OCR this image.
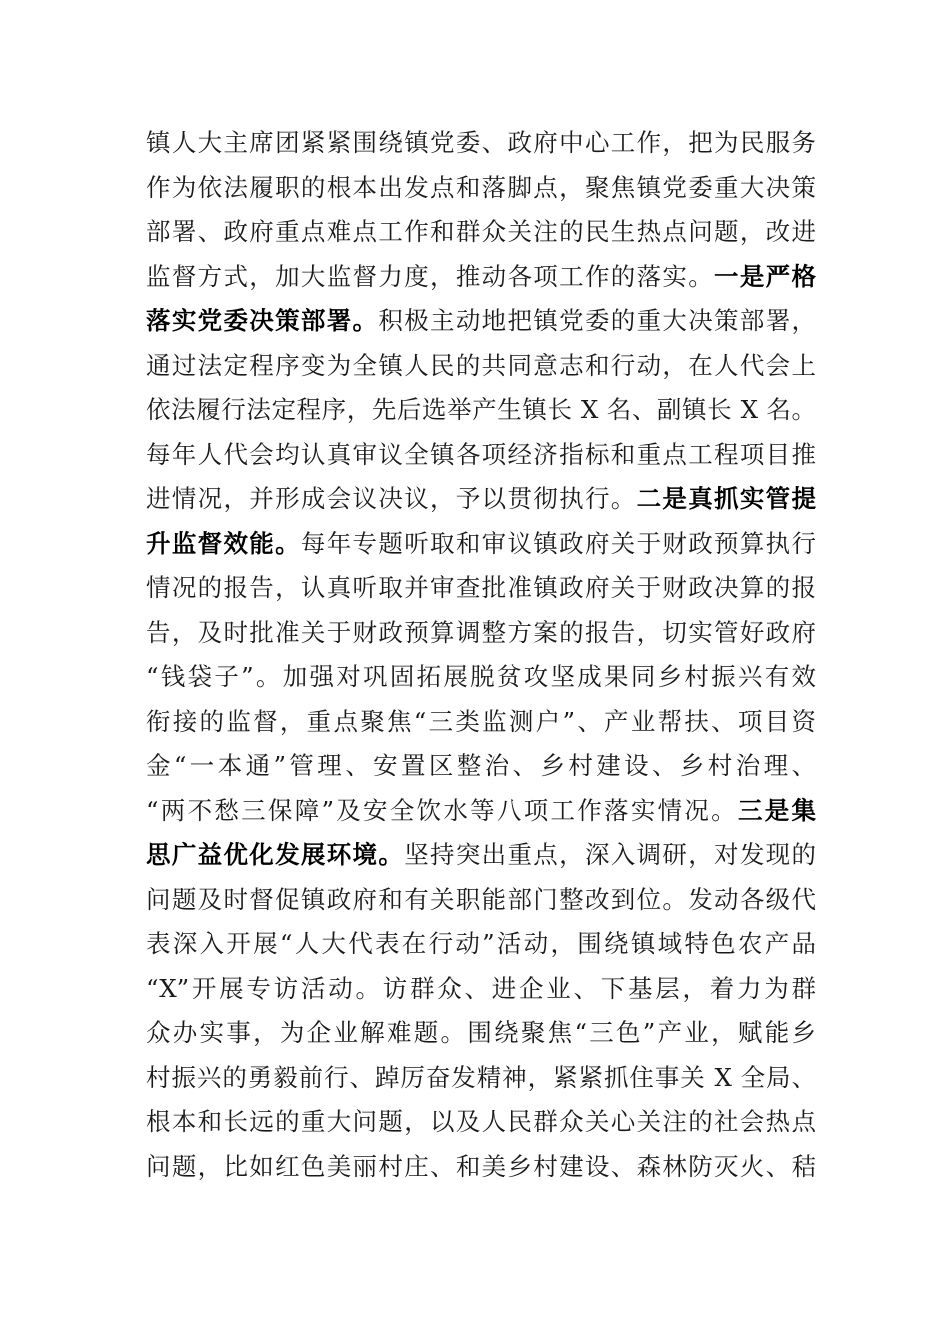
镇人大主席团紧紧围绕镇党委、政府中心工作，把为民服务
作为依法履职的根本出发点和落脚点，聚焦镇党委重大决策
部署、政府重点难点工作和群众关注的民生热点问题，改进
监督方式，加大监督力度，推动各项工作的落实。一是严格
落实党委决策部署。积极主动地把镇党委的重大决策部署，
通过法定程序变为全镇人民的共同意志和行动，在人代会上
依法履行法定程序，先后选举产生镇长 X 名、副镇长 X 名。
每年人代会均认真审议全镇各项经济指标和重点工程项目推
进情况，并形成会议决议，予以贯彻执行。二是真抓实管提
升监督效能。每年专题听取和审议镇政府关于财政预算执行
情况的报告，认真听取并审查批准镇政府关于财政决算的报
告，及时批准关于财政预算调整方案的报告，切实管好政府
“钱袋子”。加强对巩固拓展脱贫攻坚成果同乡村振兴有效
衔接的监督，重点聚焦“三类监测户”、产业帮扶、项目资
金“一本通”管理、安置区整治、乡村建设、乡村治理、
“两不愁三保障”及安全饮水等八项工作落实情况。三是集
思广益优化发展环境。坚持突出重点，深入调研，对发现的
问题及时督促镇政府和有关职能部门整改到位。发动各级代
表深入开展“人大代表在行动”活动，围绕镇域特色农产品
“X”开展专访活动。访群众、进企业、下基层，着力为群
众办实事，为企业解难题。围绕聚焦“三色”产业，赋能乡
村振兴的勇毅前行、踔厉奋发精神，紧紧抓住事关 X 全局、
根本和长远的重大问题，以及人民群众关心关注的社会热点
问题，比如红色美丽村庄、和美乡村建设、森林防灭火、秸
